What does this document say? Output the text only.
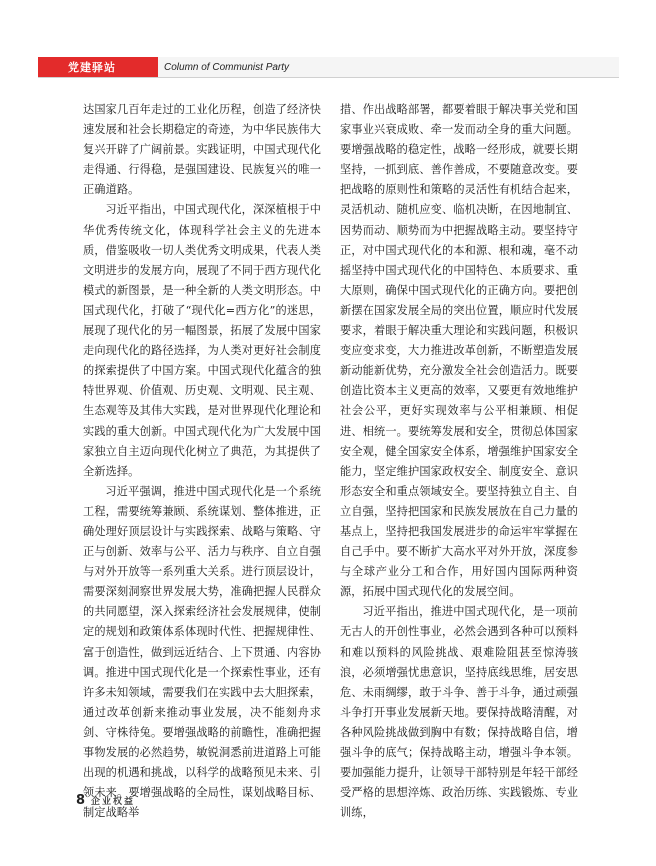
党建驿站	Column of Communist Party

达国家几百年走过的工业化历程，创造了经济快速发展和社会长期稳定的奇迹，为中华民族伟大复兴开辟了广阔前景。实践证明，中国式现代化走得通、行得稳，是强国建设、民族复兴的唯一正确道路。

习近平指出，中国式现代化，深深植根于中华优秀传统文化，体现科学社会主义的先进本质，借鉴吸收一切人类优秀文明成果，代表人类文明进步的发展方向，展现了不同于西方现代化模式的新图景，是一种全新的人类文明形态。中国式现代化，打破了“现代化=西方化”的迷思，展现了现代化的另一幅图景，拓展了发展中国家走向现代化的路径选择，为人类对更好社会制度的探索提供了中国方案。中国式现代化蕴含的独特世界观、价值观、历史观、文明观、民主观、生态观等及其伟大实践，是对世界现代化理论和实践的重大创新。中国式现代化为广大发展中国家独立自主迈向现代化树立了典范，为其提供了全新选择。

习近平强调，推进中国式现代化是一个系统工程，需要统筹兼顾、系统谋划、整体推进，正确处理好顶层设计与实践探索、战略与策略、守正与创新、效率与公平、活力与秩序、自立自强与对外开放等一系列重大关系。进行顶层设计，需要深刻洞察世界发展大势，准确把握人民群众的共同愿望，深入探索经济社会发展规律，使制定的规划和政策体系体现时代性、把握规律性、富于创造性，做到远近结合、上下贯通、内容协调。推进中国式现代化是一个探索性事业，还有许多未知领域，需要我们在实践中去大胆探索，通过改革创新来推动事业发展，决不能刻舟求剑、守株待兔。要增强战略的前瞻性，准确把握事物发展的必然趋势，敏锐洞悉前进道路上可能出现的机遇和挑战，以科学的战略预见未来、引领未来。要增强战略的全局性，谋划战略目标、制定战略举

措、作出战略部署，都要着眼于解决事关党和国家事业兴衰成败、牵一发而动全身的重大问题。要增强战略的稳定性，战略一经形成，就要长期坚持，一抓到底、善作善成，不要随意改变。要把战略的原则性和策略的灵活性有机结合起来，灵活机动、随机应变、临机决断，在因地制宜、因势而动、顺势而为中把握战略主动。要坚持守正，对中国式现代化的本和源、根和魂，毫不动摇坚持中国式现代化的中国特色、本质要求、重大原则，确保中国式现代化的正确方向。要把创新摆在国家发展全局的突出位置，顺应时代发展要求，着眼于解决重大理论和实践问题，积极识变应变求变，大力推进改革创新，不断塑造发展新动能新优势，充分激发全社会创造活力。既要创造比资本主义更高的效率，又要更有效地维护社会公平，更好实现效率与公平相兼顾、相促进、相统一。要统筹发展和安全，贯彻总体国家安全观，健全国家安全体系，增强维护国家安全能力，坚定维护国家政权安全、制度安全、意识形态安全和重点领域安全。要坚持独立自主、自立自强，坚持把国家和民族发展放在自己力量的基点上，坚持把我国发展进步的命运牢牢掌握在自己手中。要不断扩大高水平对外开放，深度参与全球产业分工和合作，用好国内国际两种资源，拓展中国式现代化的发展空间。

习近平指出，推进中国式现代化，是一项前无古人的开创性事业，必然会遇到各种可以预料和难以预料的风险挑战、艰难险阻甚至惊涛骇浪，必须增强忧患意识，坚持底线思维，居安思危、未雨绸缪，敢于斗争、善于斗争，通过顽强斗争打开事业发展新天地。要保持战略清醒，对各种风险挑战做到胸中有数；保持战略自信，增强斗争的底气；保持战略主动，增强斗争本领。要加强能力提升，让领导干部特别是年轻干部经受严格的思想淬炼、政治历练、实践锻炼、专业训练，

8 企业权益
